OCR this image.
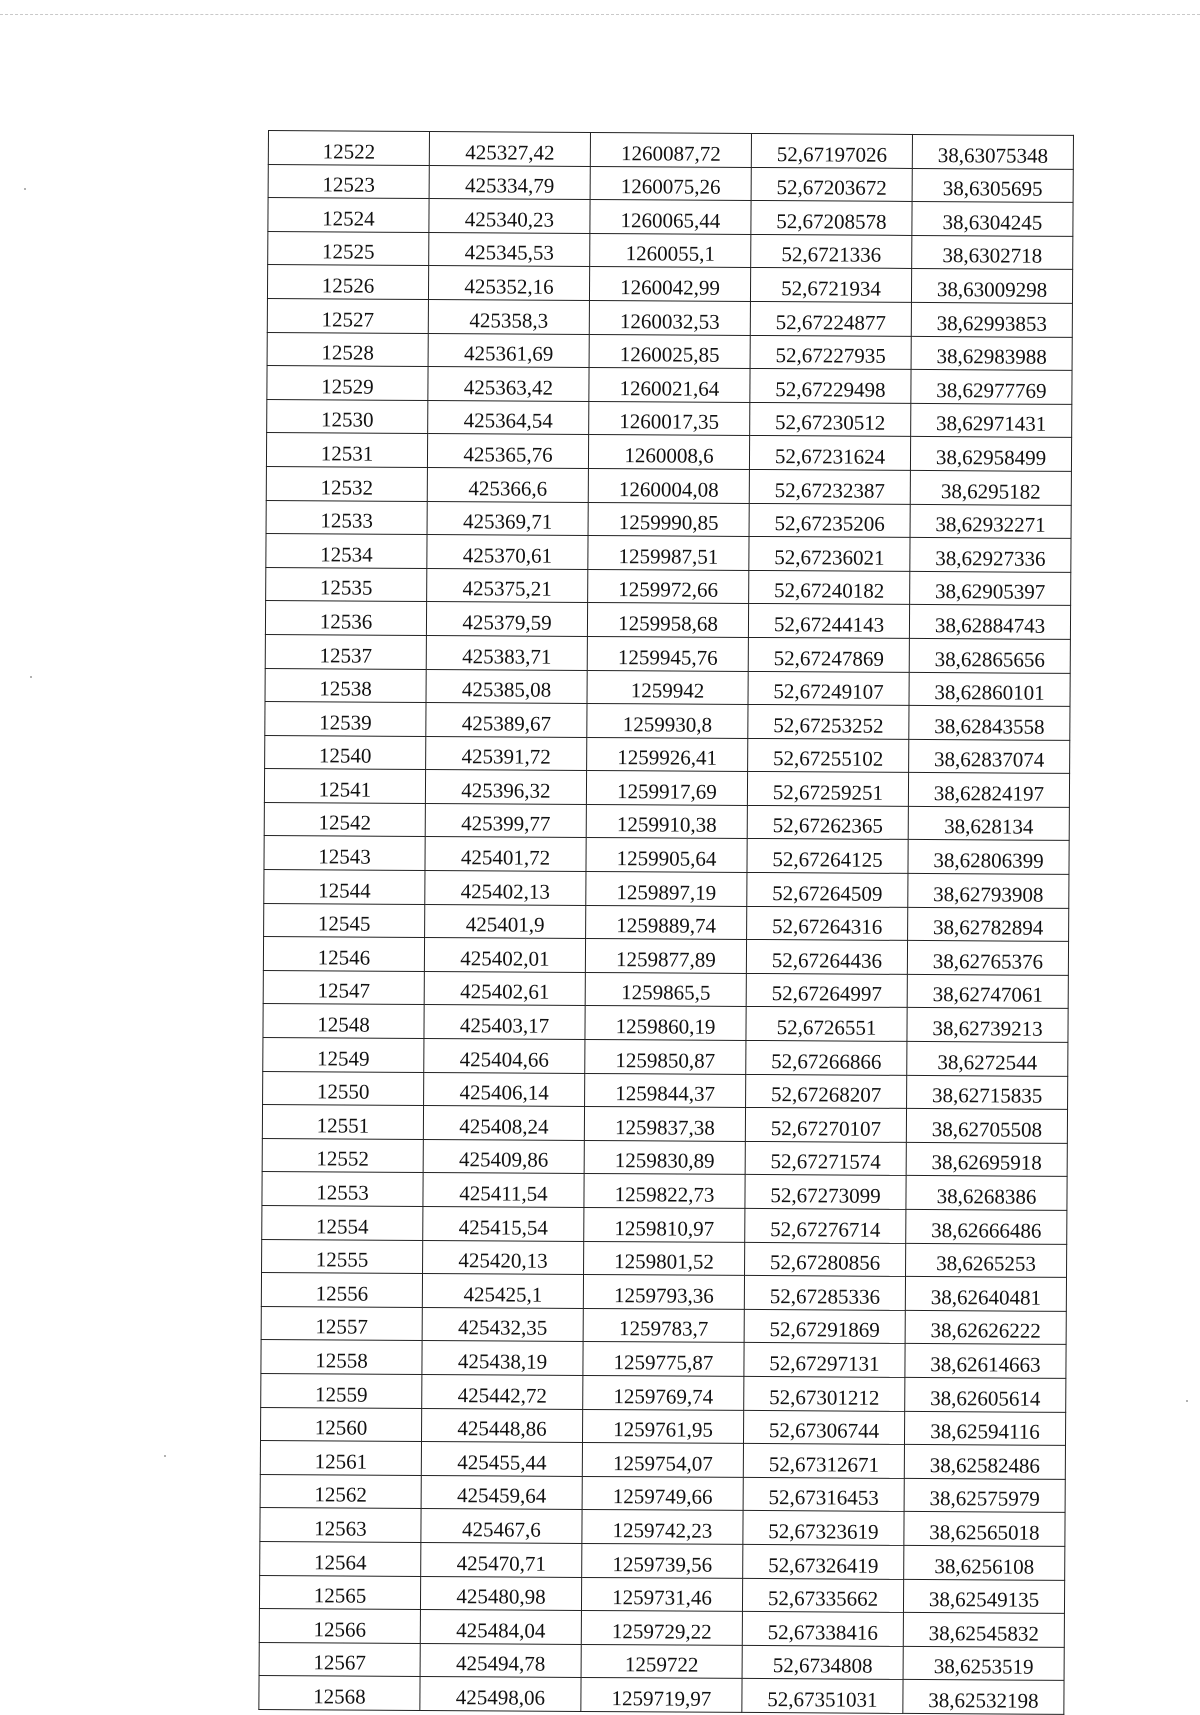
12522	425327,42	1260087,72	52,67197026	38,63075348
12523	425334,79	1260075,26	52,67203672	38,6305695
12524	425340,23	1260065,44	52,67208578	38,6304245
12525	425345,53	1260055,1	52,6721336	38,6302718
12526	425352,16	1260042,99	52,6721934	38,63009298
12527	425358,3	1260032,53	52,67224877	38,62993853
12528	425361,69	1260025,85	52,67227935	38,62983988
12529	425363,42	1260021,64	52,67229498	38,62977769
12530	425364,54	1260017,35	52,67230512	38,62971431
12531	425365,76	1260008,6	52,67231624	38,62958499
12532	425366,6	1260004,08	52,67232387	38,6295182
12533	425369,71	1259990,85	52,67235206	38,62932271
12534	425370,61	1259987,51	52,67236021	38,62927336
12535	425375,21	1259972,66	52,67240182	38,62905397
12536	425379,59	1259958,68	52,67244143	38,62884743
12537	425383,71	1259945,76	52,67247869	38,62865656
12538	425385,08	1259942	52,67249107	38,62860101
12539	425389,67	1259930,8	52,67253252	38,62843558
12540	425391,72	1259926,41	52,67255102	38,62837074
12541	425396,32	1259917,69	52,67259251	38,62824197
12542	425399,77	1259910,38	52,67262365	38,628134
12543	425401,72	1259905,64	52,67264125	38,62806399
12544	425402,13	1259897,19	52,67264509	38,62793908
12545	425401,9	1259889,74	52,67264316	38,62782894
12546	425402,01	1259877,89	52,67264436	38,62765376
12547	425402,61	1259865,5	52,67264997	38,62747061
12548	425403,17	1259860,19	52,6726551	38,62739213
12549	425404,66	1259850,87	52,67266866	38,6272544
12550	425406,14	1259844,37	52,67268207	38,62715835
12551	425408,24	1259837,38	52,67270107	38,62705508
12552	425409,86	1259830,89	52,67271574	38,62695918
12553	425411,54	1259822,73	52,67273099	38,6268386
12554	425415,54	1259810,97	52,67276714	38,62666486
12555	425420,13	1259801,52	52,67280856	38,6265253
12556	425425,1	1259793,36	52,67285336	38,62640481
12557	425432,35	1259783,7	52,67291869	38,62626222
12558	425438,19	1259775,87	52,67297131	38,62614663
12559	425442,72	1259769,74	52,67301212	38,62605614
12560	425448,86	1259761,95	52,67306744	38,62594116
12561	425455,44	1259754,07	52,67312671	38,62582486
12562	425459,64	1259749,66	52,67316453	38,62575979
12563	425467,6	1259742,23	52,67323619	38,62565018
12564	425470,71	1259739,56	52,67326419	38,6256108
12565	425480,98	1259731,46	52,67335662	38,62549135
12566	425484,04	1259729,22	52,67338416	38,62545832
12567	425494,78	1259722	52,6734808	38,6253519
12568	425498,06	1259719,97	52,67351031	38,62532198
